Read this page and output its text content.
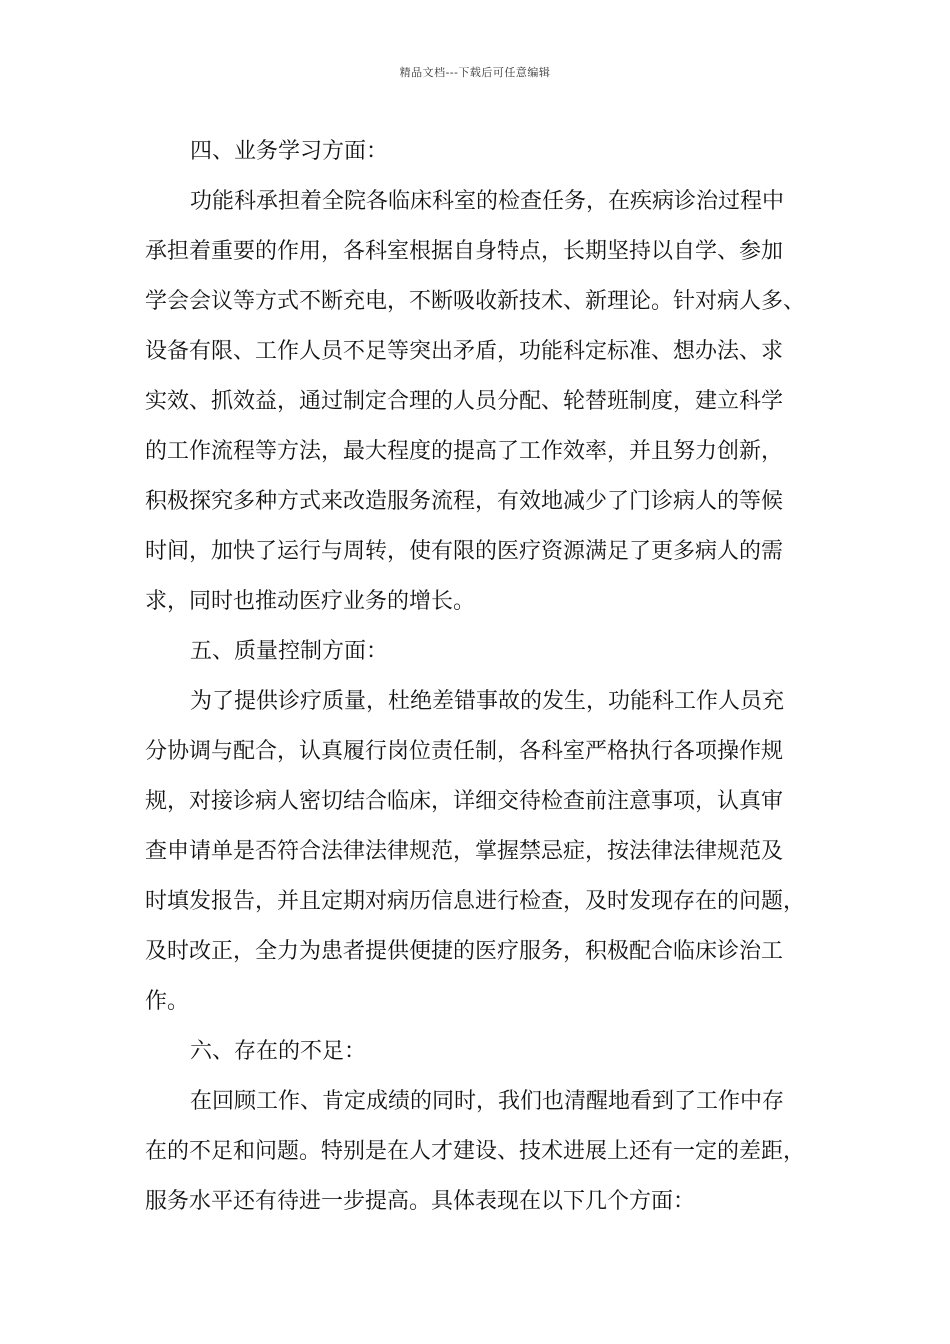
精品文档---下载后可任意编辑

四、业务学习方面：

功能科承担着全院各临床科室的检查任务，在疾病诊治过程中
承担着重要的作用，各科室根据自身特点，长期坚持以自学、参加
学会会议等方式不断充电，不断吸收新技术、新理论。针对病人多、
设备有限、工作人员不足等突出矛盾，功能科定标准、想办法、求
实效、抓效益，通过制定合理的人员分配、轮替班制度，建立科学
的工作流程等方法，最大程度的提高了工作效率，并且努力创新，
积极探究多种方式来改造服务流程，有效地减少了门诊病人的等候
时间，加快了运行与周转，使有限的医疗资源满足了更多病人的需
求，同时也推动医疗业务的增长。

五、质量控制方面：

为了提供诊疗质量，杜绝差错事故的发生，功能科工作人员充
分协调与配合，认真履行岗位责任制，各科室严格执行各项操作规
规，对接诊病人密切结合临床，详细交待检查前注意事项，认真审
查申请单是否符合法律法律规范，掌握禁忌症，按法律法律规范及
时填发报告，并且定期对病历信息进行检查，及时发现存在的问题，
及时改正，全力为患者提供便捷的医疗服务，积极配合临床诊治工
作。

六、存在的不足：

在回顾工作、肯定成绩的同时，我们也清醒地看到了工作中存
在的不足和问题。特别是在人才建设、技术进展上还有一定的差距，
服务水平还有待进一步提高。具体表现在以下几个方面：
